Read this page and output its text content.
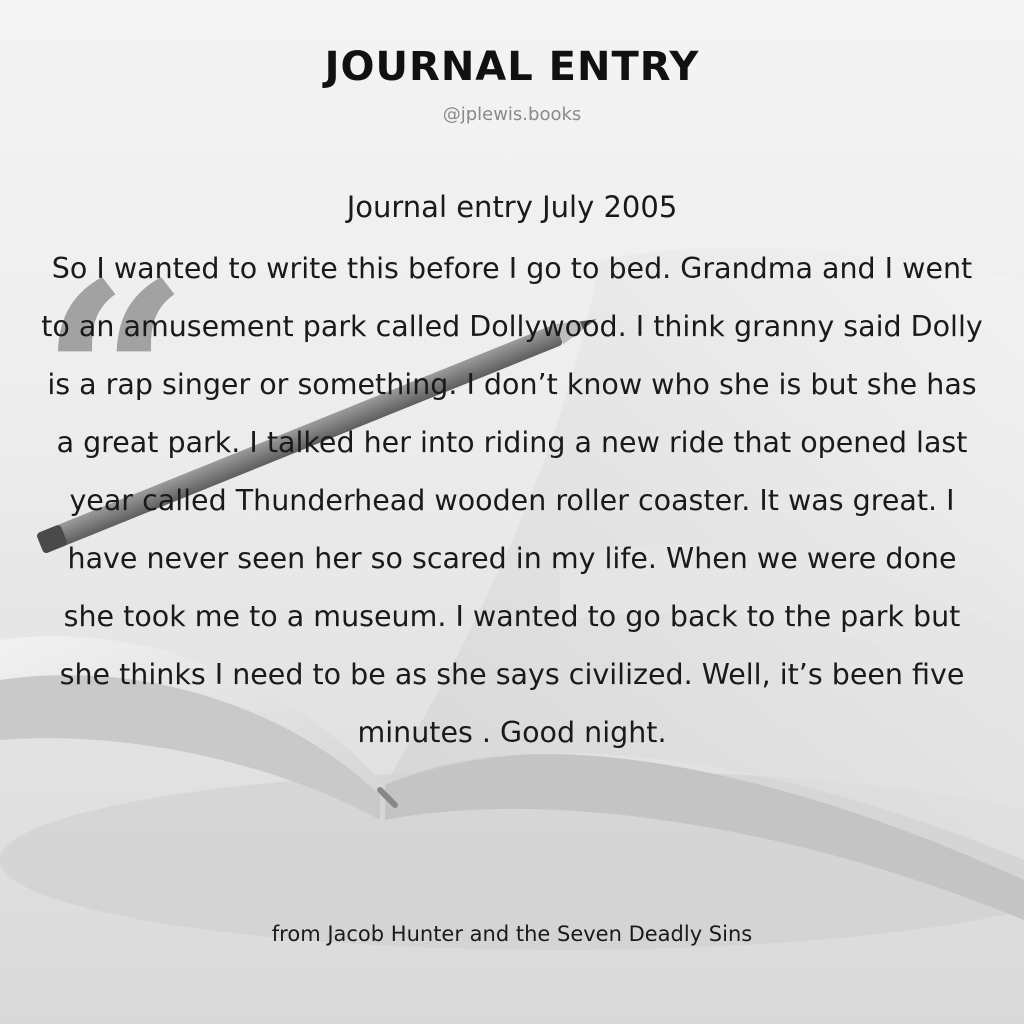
“
JOURNAL ENTRY
@jplewis.books
Journal entry July 2005
So I wanted to write this before I go to bed. Grandma and I went to an amusement park called Dollywood. I think granny said Dolly is a rap singer or something. I don’t know who she is but she has a great park. I talked her into riding a new ride that opened last year called Thunderhead wooden roller coaster. It was great. I have never seen her so scared in my life. When we were done she took me to a museum. I wanted to go back to the park but she thinks I need to be as she says civilized. Well, it’s been five minutes . Good night.
from Jacob Hunter and the Seven Deadly Sins
